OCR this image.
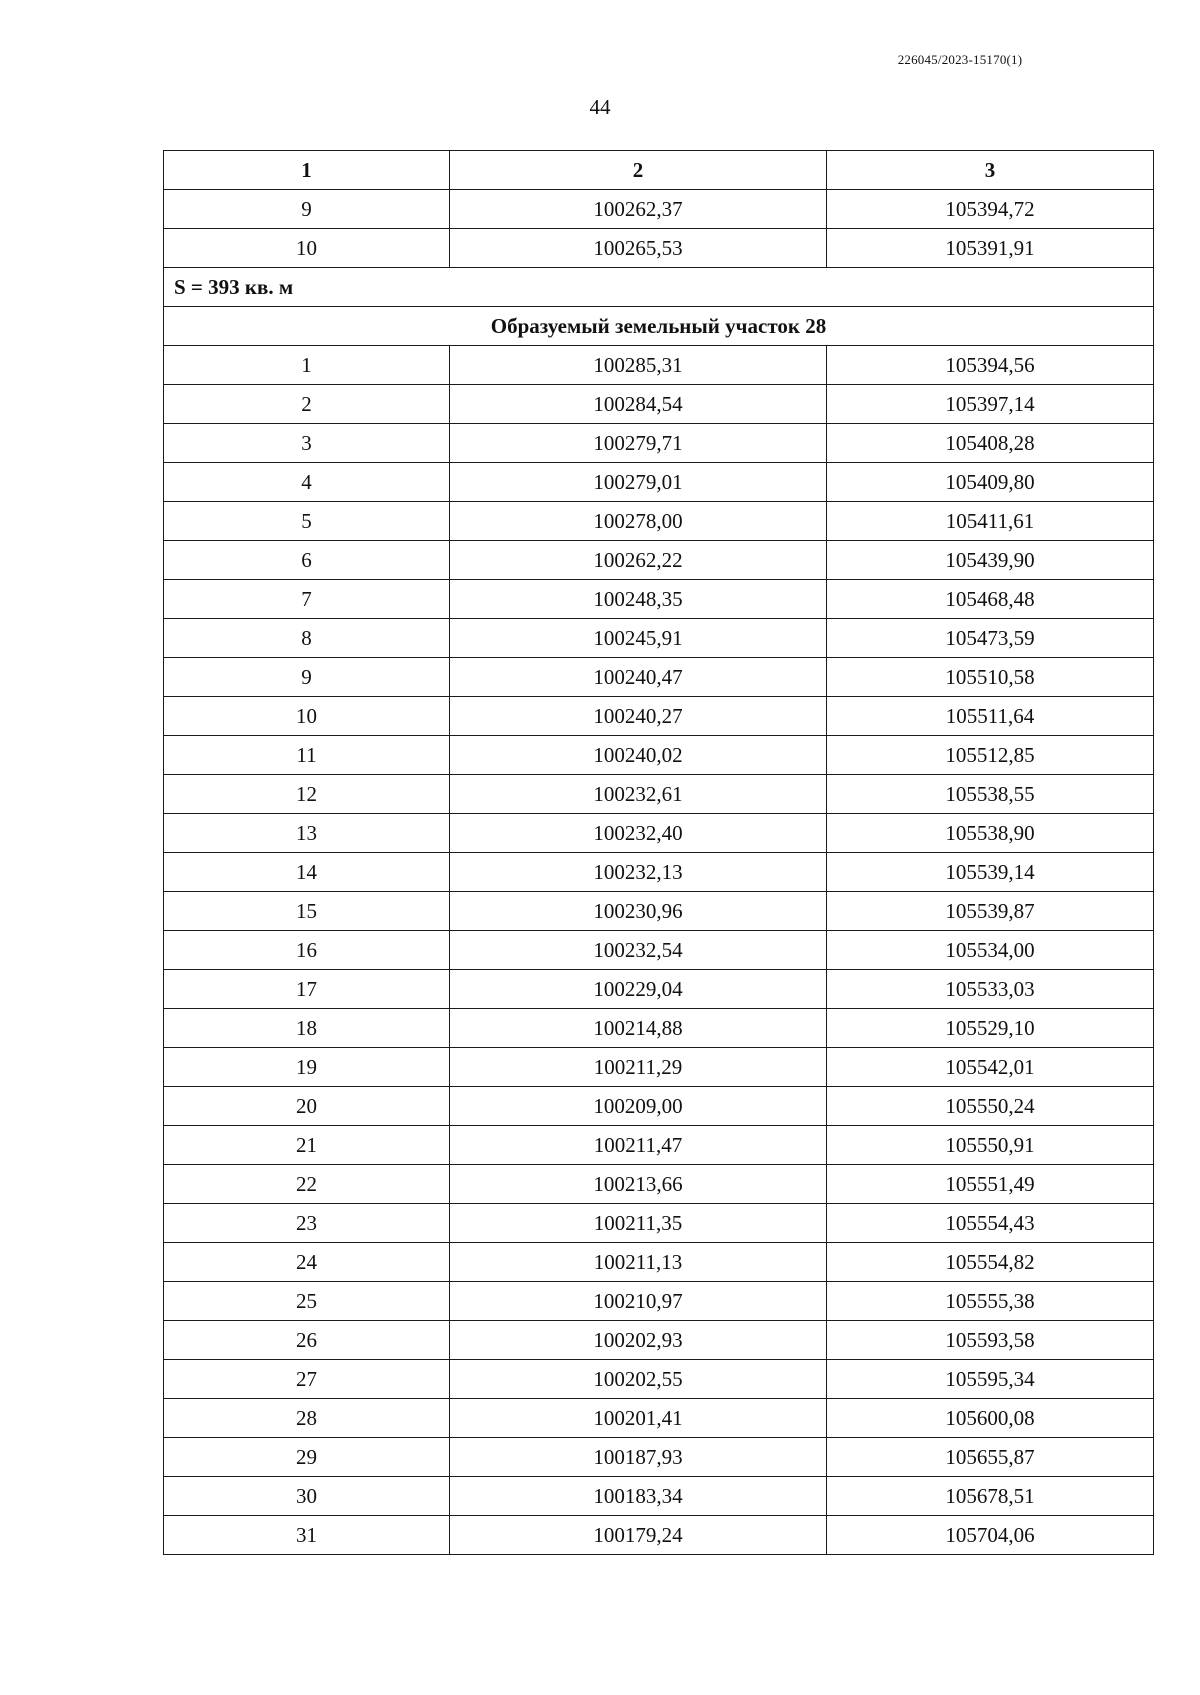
226045/2023-15170(1)
44
1	2	3
9	100262,37	105394,72
10	100265,53	105391,91
S = 393 кв. м		
Образуемый земельный участок 28		
1	100285,31	105394,56
2	100284,54	105397,14
3	100279,71	105408,28
4	100279,01	105409,80
5	100278,00	105411,61
6	100262,22	105439,90
7	100248,35	105468,48
8	100245,91	105473,59
9	100240,47	105510,58
10	100240,27	105511,64
11	100240,02	105512,85
12	100232,61	105538,55
13	100232,40	105538,90
14	100232,13	105539,14
15	100230,96	105539,87
16	100232,54	105534,00
17	100229,04	105533,03
18	100214,88	105529,10
19	100211,29	105542,01
20	100209,00	105550,24
21	100211,47	105550,91
22	100213,66	105551,49
23	100211,35	105554,43
24	100211,13	105554,82
25	100210,97	105555,38
26	100202,93	105593,58
27	100202,55	105595,34
28	100201,41	105600,08
29	100187,93	105655,87
30	100183,34	105678,51
31	100179,24	105704,06
